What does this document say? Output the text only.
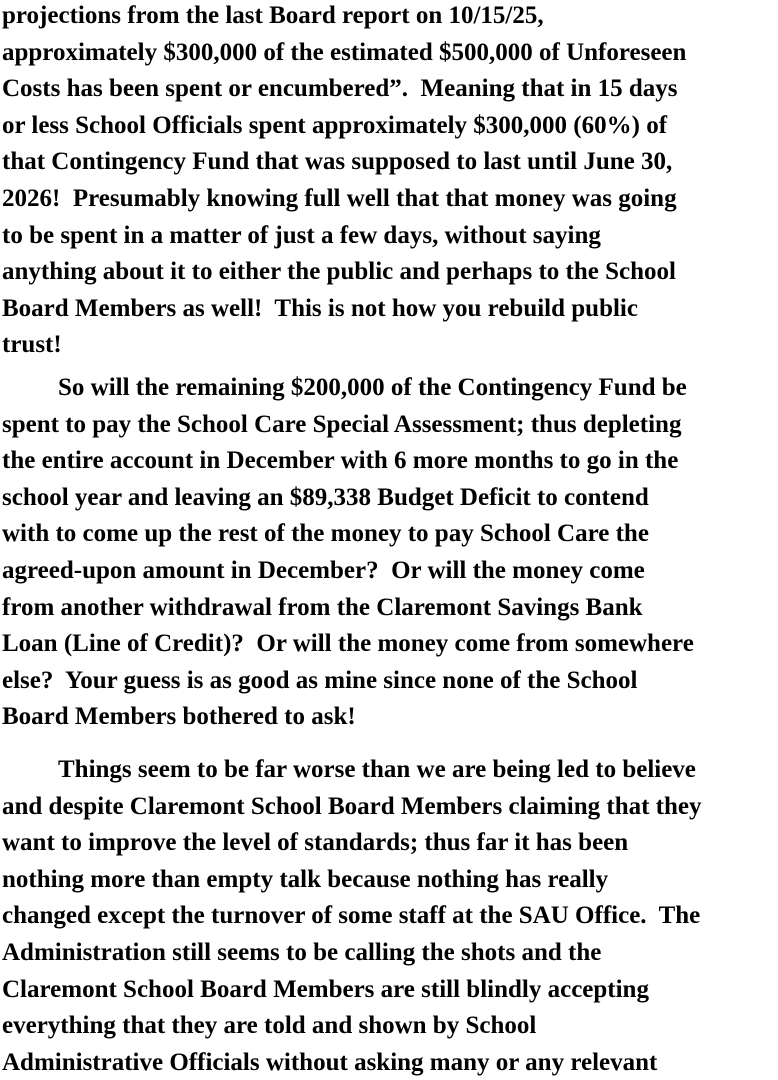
projections from the last Board report on 10/15/25,
approximately $300,000 of the estimated $500,000 of Unforeseen
Costs has been spent or encumbered”.  Meaning that in 15 days
or less School Officials spent approximately $300,000 (60%) of
that Contingency Fund that was supposed to last until June 30,
2026!  Presumably knowing full well that that money was going
to be spent in a matter of just a few days, without saying
anything about it to either the public and perhaps to the School
Board Members as well!  This is not how you rebuild public
trust!
So will the remaining $200,000 of the Contingency Fund be
spent to pay the School Care Special Assessment; thus depleting
the entire account in December with 6 more months to go in the
school year and leaving an $89,338 Budget Deficit to contend
with to come up the rest of the money to pay School Care the
agreed-upon amount in December?  Or will the money come
from another withdrawal from the Claremont Savings Bank
Loan (Line of Credit)?  Or will the money come from somewhere
else?  Your guess is as good as mine since none of the School
Board Members bothered to ask!
Things seem to be far worse than we are being led to believe
and despite Claremont School Board Members claiming that they
want to improve the level of standards; thus far it has been
nothing more than empty talk because nothing has really
changed except the turnover of some staff at the SAU Office.  The
Administration still seems to be calling the shots and the
Claremont School Board Members are still blindly accepting
everything that they are told and shown by School
Administrative Officials without asking many or any relevant
